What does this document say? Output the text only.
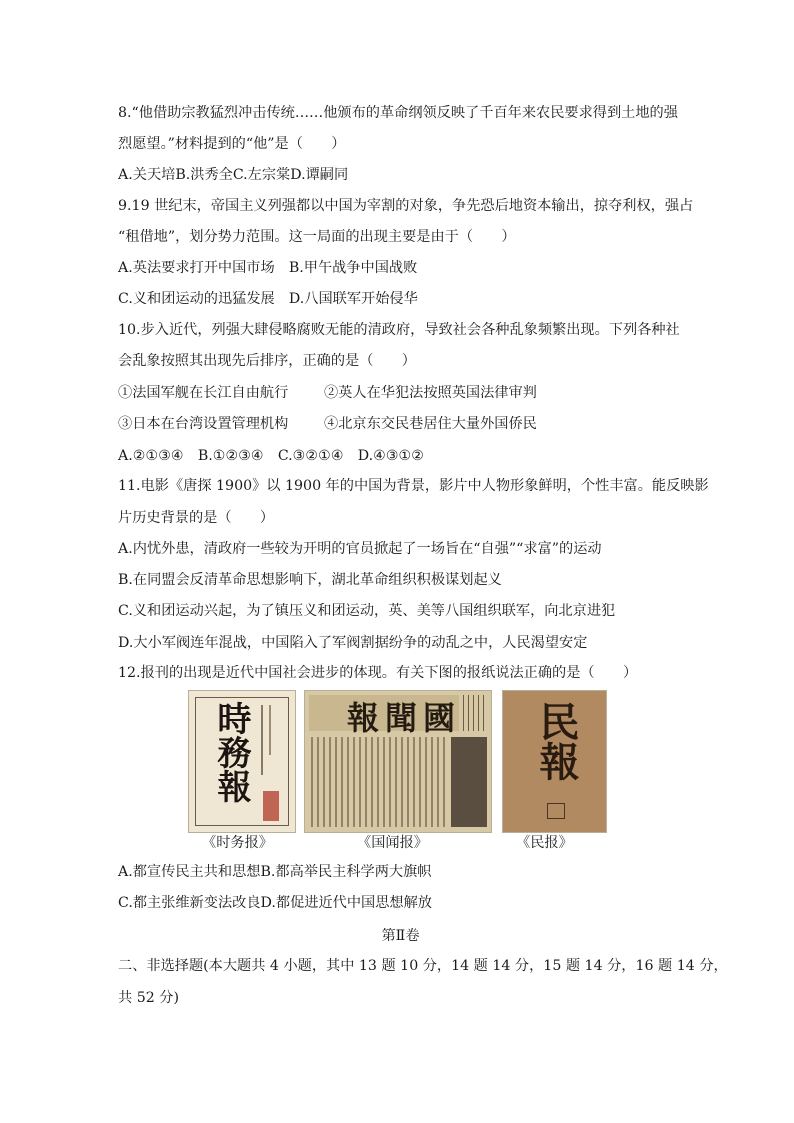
8.“他借助宗教猛烈冲击传统……他颁布的革命纲领反映了千百年来农民要求得到土地的强
烈愿望。”材料提到的“他”是（　　）
A.关天培B.洪秀全C.左宗棠D.谭嗣同
9.19 世纪末，帝国主义列强都以中国为宰割的对象，争先恐后地资本输出，掠夺利权，强占
“租借地”，划分势力范围。这一局面的出现主要是由于（　　）
A.英法要求打开中国市场　B.甲午战争中国战败
C.义和团运动的迅猛发展　D.八国联军开始侵华
10.步入近代，列强大肆侵略腐败无能的清政府，导致社会各种乱象频繁出现。下列各种社
会乱象按照其出现先后排序，正确的是（　　）
①法国军舰在长江自由航行	②英人在华犯法按照英国法律审判
③日本在台湾设置管理机构	④北京东交民巷居住大量外国侨民
A.②①③④　B.①②③④　C.③②①④　D.④③①②
11.电影《唐探 1900》以 1900 年的中国为背景，影片中人物形象鲜明，个性丰富。能反映影
片历史背景的是（　　）
A.内忧外患，清政府一些较为开明的官员掀起了一场旨在“自强”“求富”的运动
B.在同盟会反清革命思想影响下，湖北革命组织积极谋划起义
C.义和团运动兴起，为了镇压义和团运动，英、美等八国组织联军，向北京进犯
D.大小军阀连年混战，中国陷入了军阀割据纷争的动乱之中，人民渴望安定
12.报刊的出现是近代中国社会进步的体现。有关下图的报纸说法正确的是（　　）
時務報	國聞報 民報
《时务报》	《国闻报》	《民报》
A.都宣传民主共和思想B.都高举民主科学两大旗帜
C.都主张维新变法改良D.都促进近代中国思想解放
第Ⅱ卷
二、非选择题(本大题共 4 小题，其中 13 题 10 分，14 题 14 分，15 题 14 分，16 题 14 分，
共 52 分)
